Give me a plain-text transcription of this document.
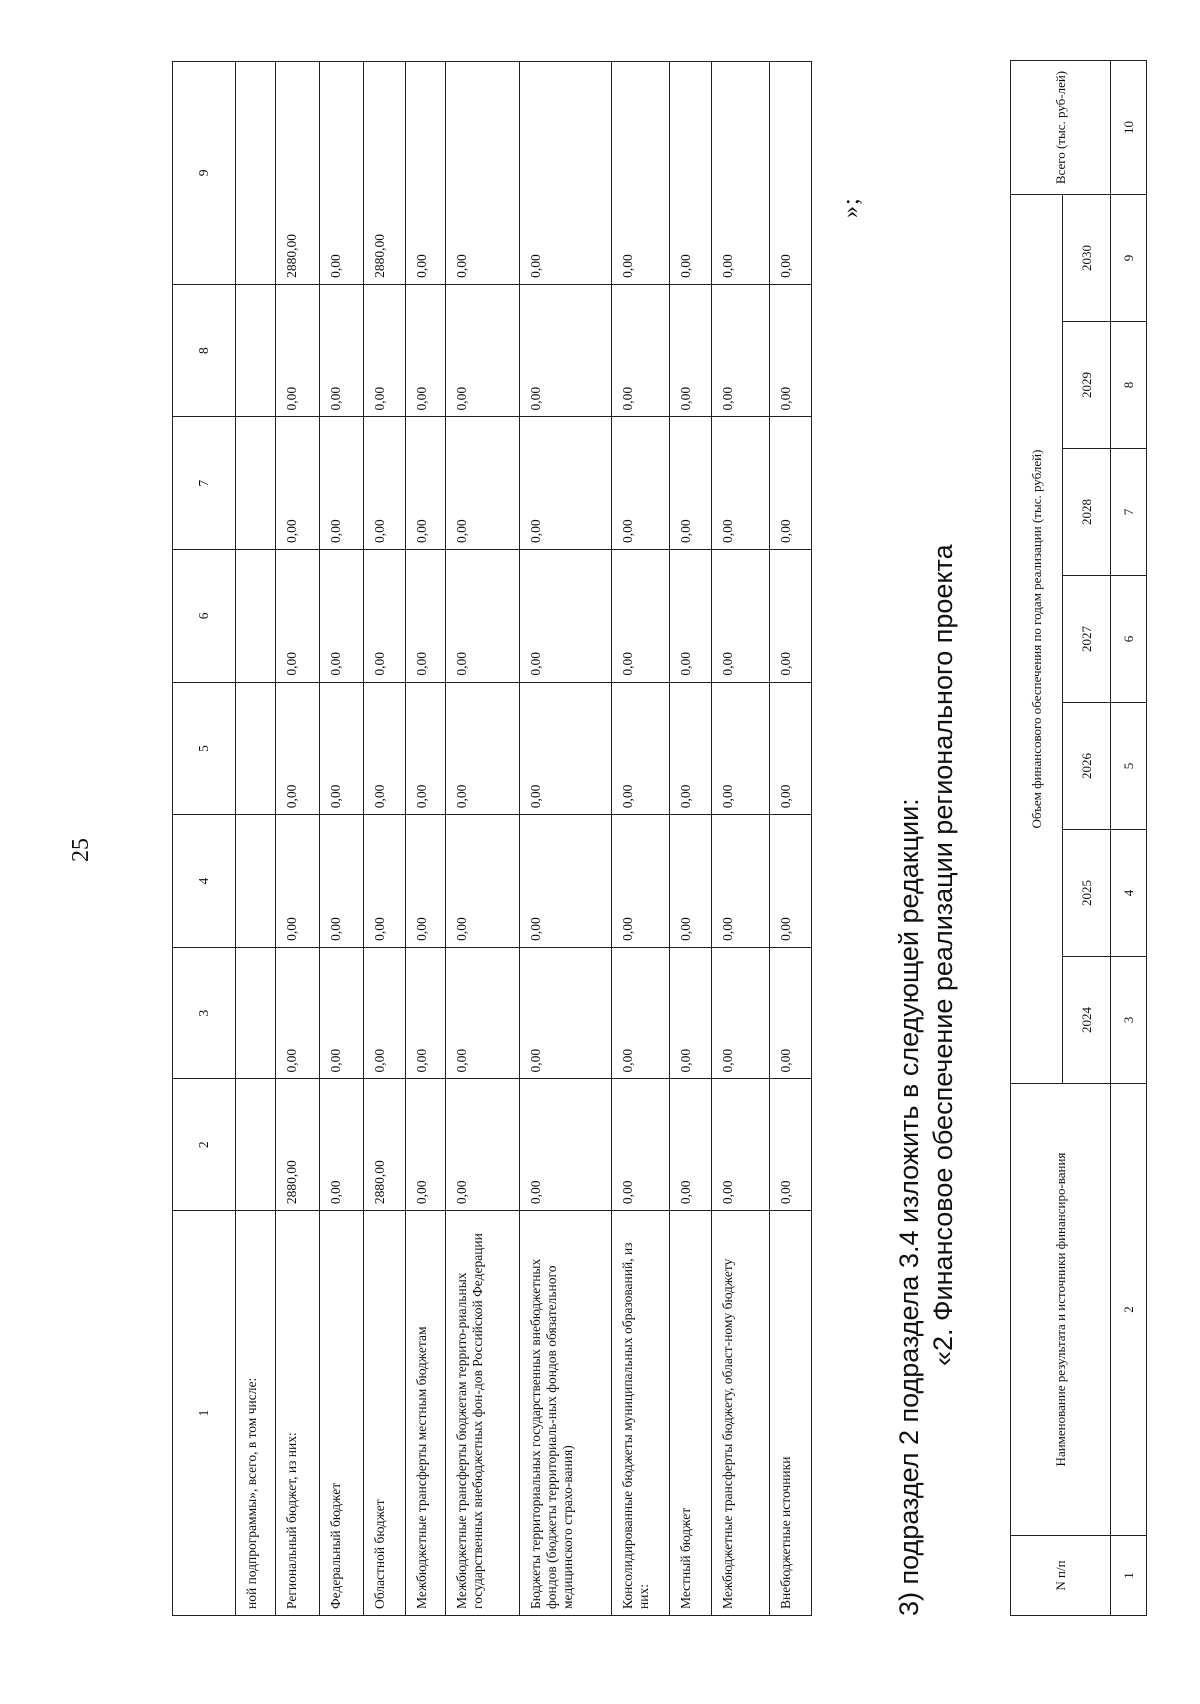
25
1	2	3	4	5	6	7	8	9
ной подпрограммы», всего, в том числе:								
Региональный бюджет, из них:	2880,00	0,00	0,00	0,00	0,00	0,00	0,00	2880,00
Федеральный бюджет	0,00	0,00	0,00	0,00	0,00	0,00	0,00	0,00
Областной бюджет	2880,00	0,00	0,00	0,00	0,00	0,00	0,00	2880,00
Межбюджетные трансферты местным бюджетам	0,00	0,00	0,00	0,00	0,00	0,00	0,00	0,00
Межбюджетные трансферты бюджетам террито-риальных государственных внебюджетных фон-дов Российской Федерации	0,00	0,00	0,00	0,00	0,00	0,00	0,00	0,00
Бюджеты территориальных государственных внебюджетных фондов (бюджеты территориаль-ных фондов обязательного медицинского страхо-вания)	0,00	0,00	0,00	0,00	0,00	0,00	0,00	0,00
Консолидированные бюджеты муниципальных образований, из них:	0,00	0,00	0,00	0,00	0,00	0,00	0,00	0,00
Местный бюджет	0,00	0,00	0,00	0,00	0,00	0,00	0,00	0,00
Межбюджетные трансферты бюджету, област-ному бюджету	0,00	0,00	0,00	0,00	0,00	0,00	0,00	0,00
Внебюджетные источники	0,00	0,00	0,00	0,00	0,00	0,00	0,00	0,00
»;
3) подраздел 2 подраздела 3.4 изложить в следующей редакции: «2. Финансовое обеспечение реализации регионального проекта
N п/п	Наименование результата и источники финансиро-вания	Объем финансового обеспечения по годам реализации (тыс. рублей)							Всего (тыс. руб-лей)
		2024	2025	2026	2027	2028	2029	2030	
1	2	3	4	5	6	7	8	9	10
